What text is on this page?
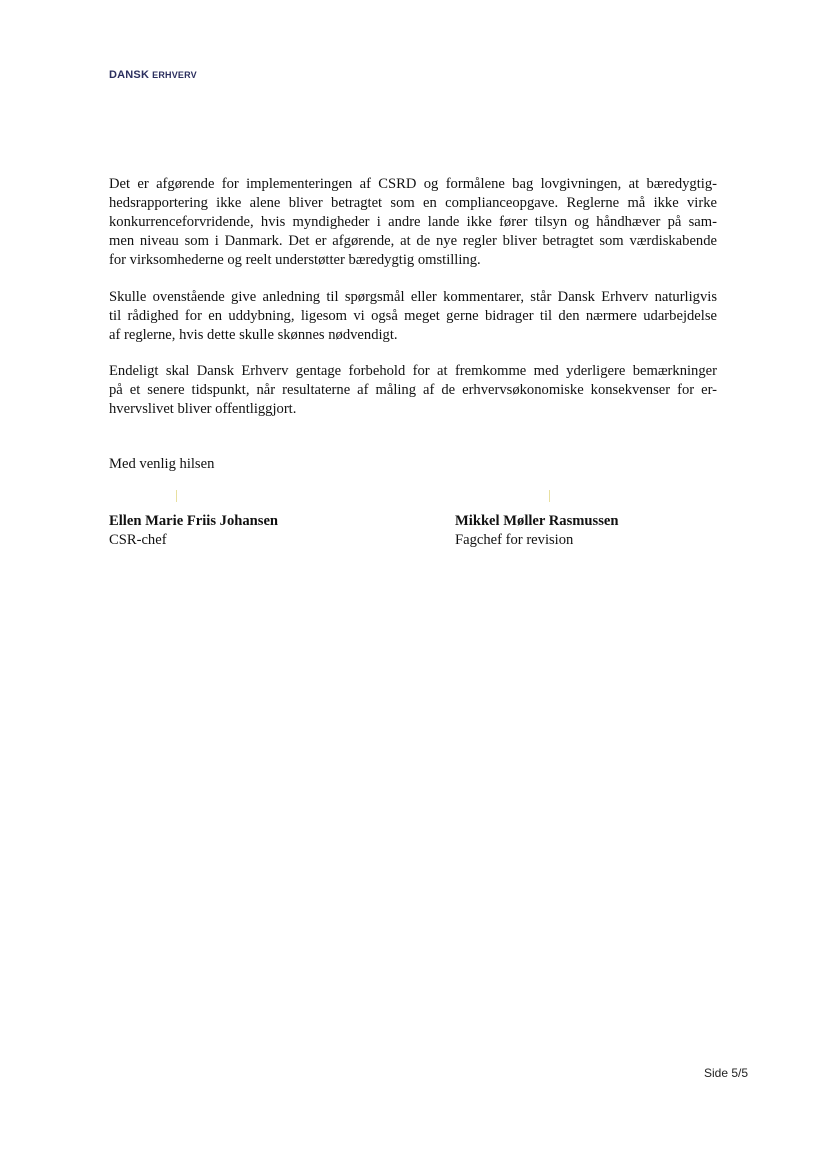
DANSK ERHVERV
Det er afgørende for implementeringen af CSRD og formålene bag lovgivningen, at bæredygtig-
hedsrapportering ikke alene bliver betragtet som en complianceopgave. Reglerne må ikke virke
konkurrenceforvridende, hvis myndigheder i andre lande ikke fører tilsyn og håndhæver på sam-
men niveau som i Danmark. Det er afgørende, at de nye regler bliver betragtet som værdiskabende
for virksomhederne og reelt understøtter bæredygtig omstilling.
Skulle ovenstående give anledning til spørgsmål eller kommentarer, står Dansk Erhverv naturligvis
til rådighed for en uddybning, ligesom vi også meget gerne bidrager til den nærmere udarbejdelse
af reglerne, hvis dette skulle skønnes nødvendigt.
Endeligt skal Dansk Erhverv gentage forbehold for at fremkomme med yderligere bemærkninger
på et senere tidspunkt, når resultaterne af måling af de erhvervsøkonomiske konsekvenser for er-
hvervslivet bliver offentliggjort.
Med venlig hilsen
Ellen Marie Friis Johansen
CSR-chef
Mikkel Møller Rasmussen
Fagchef for revision
Side 5/5
